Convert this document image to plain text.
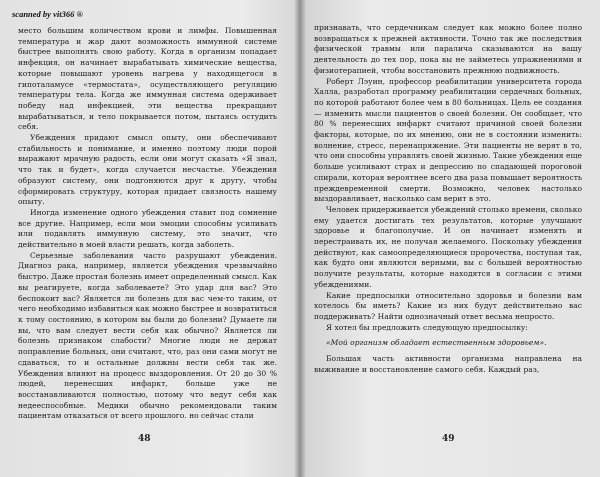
scanned by vit366 ®

место большим количеством крови и лимфы. Повышенная температура и жар дают возможность иммунной системе быстрее выполнять свою работу. Когда в организм попадает инфекция, он начинает вырабатывать химические вещества, которые повышают уровень нагрева у находящегося в гипоталамусе «термостата», осуществляющего регуляцию температуры тела. Когда же иммунная система одерживает победу над инфекцией, эти вещества прекращают вырабатываться, и тело покрывается потом, пытаясь остудить себя.

Убеждения придают смысл опыту, они обеспечивают стабильность и понимание, и именно поэтому люди порой выражают мрачную радость, если они могут сказать «Я знал, что так и будет», когда случается несчастье. Убеждения образуют систему, они подгоняются друг к другу, чтобы сформировать структуру, которая придает связность нашему опыту.

Иногда изменение одного убеждения ставит под сомнение все другие. Например, если мои эмоции способны усиливать или подавлять иммунную систему, это значит, что действительно в моей власти решать, когда заболеть.

Серьезные заболевания часто разрушают убеждения. Диагноз рака, например, является убеждения чрезвычайно быстро. Даже простая болезнь имеет определенный смысл. Как вы реагируете, когда заболеваете? Это удар для вас? Это беспокоит вас? Является ли болезнь для вас чем-то таким, от чего необходимо избавиться как можно быстрее и возвратиться к тому состоянию, в котором вы были до болезни? Думаете ли вы, что вам следует вести себя как обычно? Является ли болезнь признаком слабости? Многие люди не держат поправление больных, они считают, что, раз они сами могут не сдаваться, то и остальные должны вести себя так же. Убеждения влияют на процесс выздоровления. От 20 до 30 % людей, перенесших инфаркт, больше уже не восстанавливаются полностью, потому что ведут себя как недееспособные. Медики обычно рекомендовали таким пациентам отказаться от всего прошлого. но сейчас стали

48

признавать, что сердечникам следует как можно более полно возвращаться к прежней активности. Точно так же последствия физической травмы или паралича сказываются на вашу деятельность до тех пор, пока вы не займетесь упражнениями и физиотерапией, чтобы восстановить прежнюю подвижность.

Роберт Лэуин, профессор реабилитации университета города Халла, разработал программу реабилитации сердечных больных, по которой работают более чем в 80 больницах. Цель ее создания — изменить мысли пациентов о своей болезни. Он сообщает, что 80 % перенесших инфаркт считают причиной своей болезни факторы, которые, по их мнению, они не в состоянии изменить: волнение, стресс, перенапряжение. Эти пациенты не верят в то, что они способны управлять своей жизнью. Такие убеждения еще больше усиливают страх и депрессию по спадающей пороговой спирали, которая вероятнее всего два раза повышает вероятность преждевременной смерти. Возможно, человек настолько выздоравливает, насколько сам верит в это.

Человек придерживается убеждений столько времени, сколько ему удается достигать тех результатов, которые улучшают здоровье и благополучие. И он начинает изменять и перестраивать их, не получая желаемого. Поскольку убеждения действуют, как самоопределяющиеся пророчества, поступая так, как будто они являются верными, вы с большей вероятностью получите результаты, которые находятся в согласии с этими убеждениями.

Какие предпосылки относительно здоровья и болезни вам хотелось бы иметь? Какие из них будут действительно вас поддерживать? Найти однозначный ответ весьма непросто.

Я хотел бы предложить следующую предпосылку:

«Мой организм обладает естественным здоровьем».

Большая часть активности организма направлена на выживание и восстановление самого себя. Каждый раз,

49
